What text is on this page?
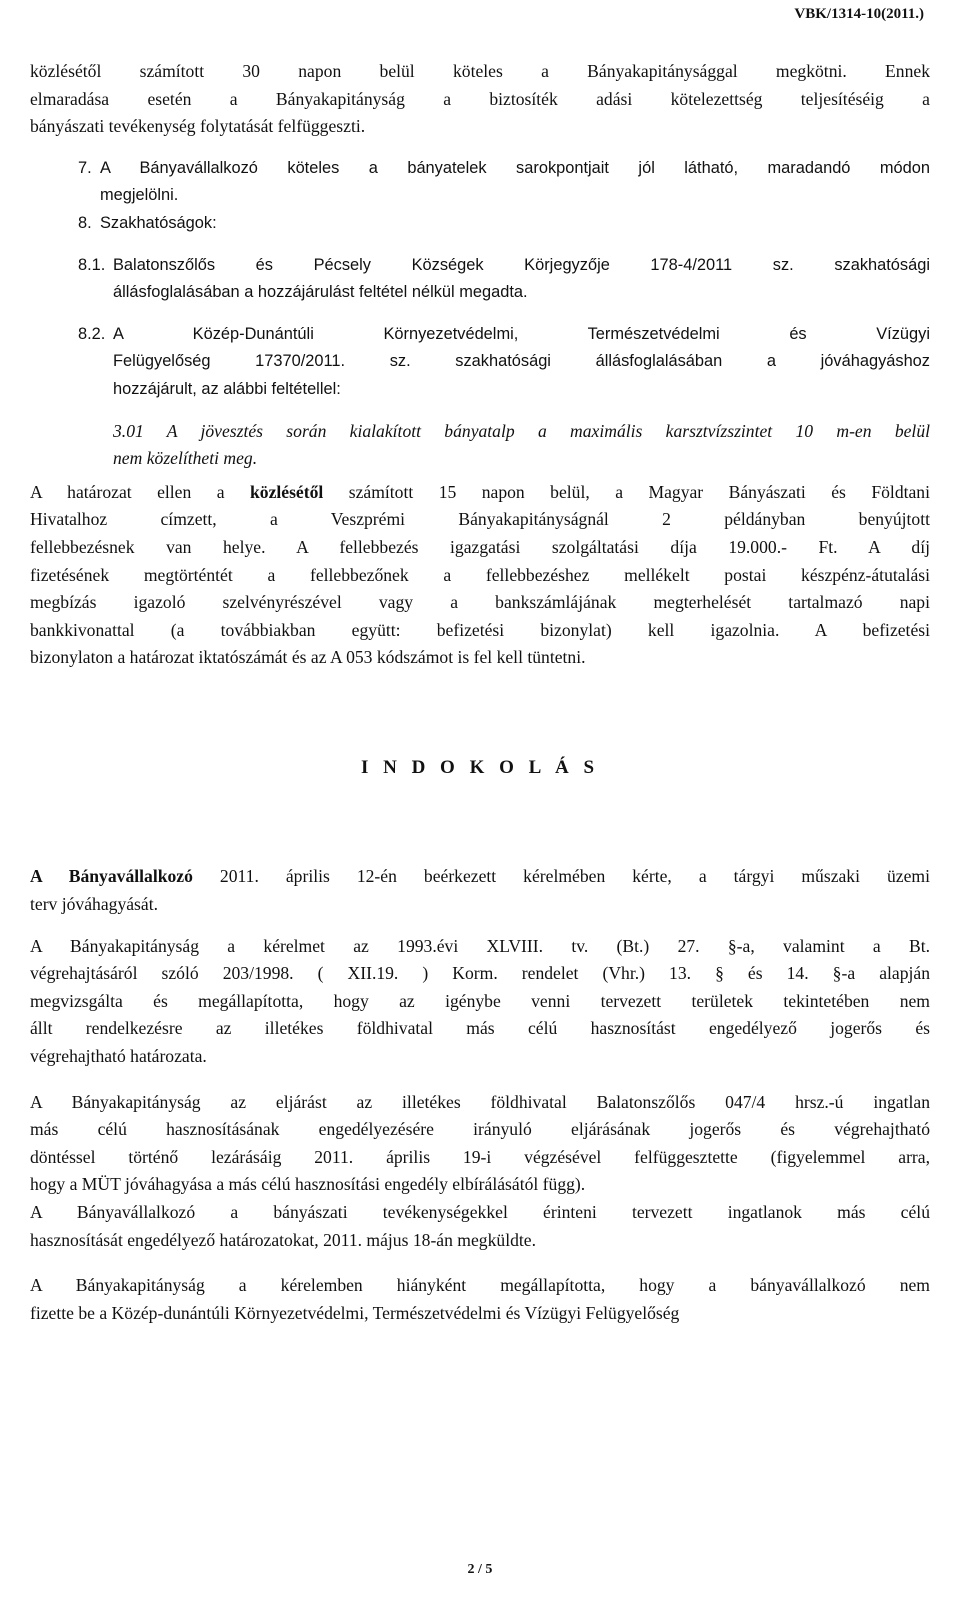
VBK/1314-10(2011.)

közlésétől számított 30 napon belül köteles a Bányakapitánysággal megkötni. Ennek

elmaradása esetén a Bányakapitányság a biztosíték adási kötelezettség teljesítéséig a

bányászati tevékenység folytatását felfüggeszti.

7. A Bányavállalkozó köteles a bányatelek sarokpontjait jól látható, maradandó módon

megjelölni.

8. Szakhatóságok:

8.1. Balatonszőlős és Pécsely Községek Körjegyzője 178-4/2011 sz. szakhatósági

állásfoglalásában a hozzájárulást feltétel nélkül megadta.

8.2. A Közép-Dunántúli Környezetvédelmi, Természetvédelmi és Vízügyi

Felügyelőség 17370/2011. sz. szakhatósági állásfoglalásában a jóváhagyáshoz

hozzájárult, az alábbi feltétellel:

3.01 A jövesztés során kialakított bányatalp a maximális karsztvízszintet 10 m-en belül

nem közelítheti meg.

A határozat ellen a közlésétől számított 15 napon belül, a Magyar Bányászati és Földtani

Hivatalhoz címzett, a Veszprémi Bányakapitányságnál 2 példányban benyújtott

fellebbezésnek van helye. A fellebbezés igazgatási szolgáltatási díja 19.000.- Ft. A díj

fizetésének megtörténtét a fellebbezőnek a fellebbezéshez mellékelt postai készpénz-átutalási

megbízás igazoló szelvényrészével vagy a bankszámlájának megterhelését tartalmazó napi

bankkivonattal (a továbbiakban együtt: befizetési bizonylat) kell igazolnia. A befizetési

bizonylaton a határozat iktatószámát és az A 053 kódszámot is fel kell tüntetni.

I N D O K O L Á S

A Bányavállalkozó 2011. április 12-én beérkezett kérelmében kérte, a tárgyi műszaki üzemi

terv jóváhagyását.

A Bányakapitányság a kérelmet az 1993.évi XLVIII. tv. (Bt.) 27. §-a, valamint a Bt.

végrehajtásáról szóló 203/1998. ( XII.19. ) Korm. rendelet (Vhr.) 13. § és 14. §-a alapján

megvizsgálta és megállapította, hogy az igénybe venni tervezett területek tekintetében nem

állt rendelkezésre az illetékes földhivatal más célú hasznosítást engedélyező jogerős és

végrehajtható határozata.

A Bányakapitányság az eljárást az illetékes földhivatal Balatonszőlős 047/4 hrsz.-ú ingatlan

más célú hasznosításának engedélyezésére irányuló eljárásának jogerős és végrehajtható

döntéssel történő lezárásáig 2011. április 19-i végzésével felfüggesztette (figyelemmel arra,

hogy a MÜT jóváhagyása a más célú hasznosítási engedély elbírálásától függ).

A Bányavállalkozó a bányászati tevékenységekkel érinteni tervezett ingatlanok más célú

hasznosítását engedélyező határozatokat, 2011. május 18-án megküldte.

A Bányakapitányság a kérelemben hiányként megállapította, hogy a bányavállalkozó nem

fizette be a Közép-dunántúli Környezetvédelmi, Természetvédelmi és Vízügyi Felügyelőség

2 / 5
